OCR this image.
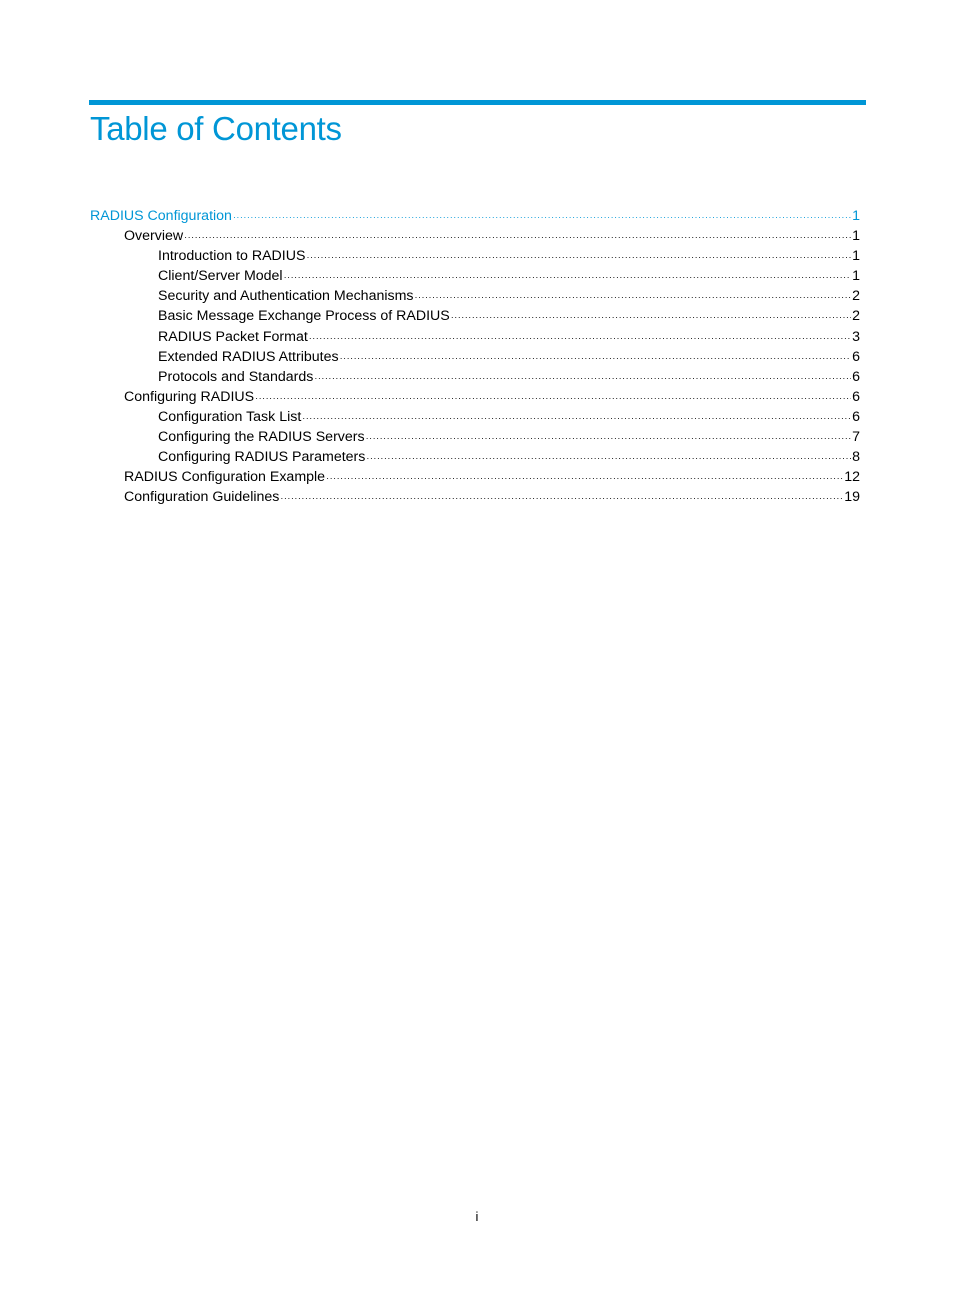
Table of Contents
RADIUS Configuration ·····	1
Overview ·····	1
Introduction to RADIUS ·····	1
Client/Server Model ·····	1
Security and Authentication Mechanisms ·····	2
Basic Message Exchange Process of RADIUS ·····	2
RADIUS Packet Format ·····	3
Extended RADIUS Attributes ·····	6
Protocols and Standards ·····	6
Configuring RADIUS ·····	6
Configuration Task List ·····	6
Configuring the RADIUS Servers ·····	7
Configuring RADIUS Parameters ·····	8
RADIUS Configuration Example ·····	12
Configuration Guidelines ·····	19
i
